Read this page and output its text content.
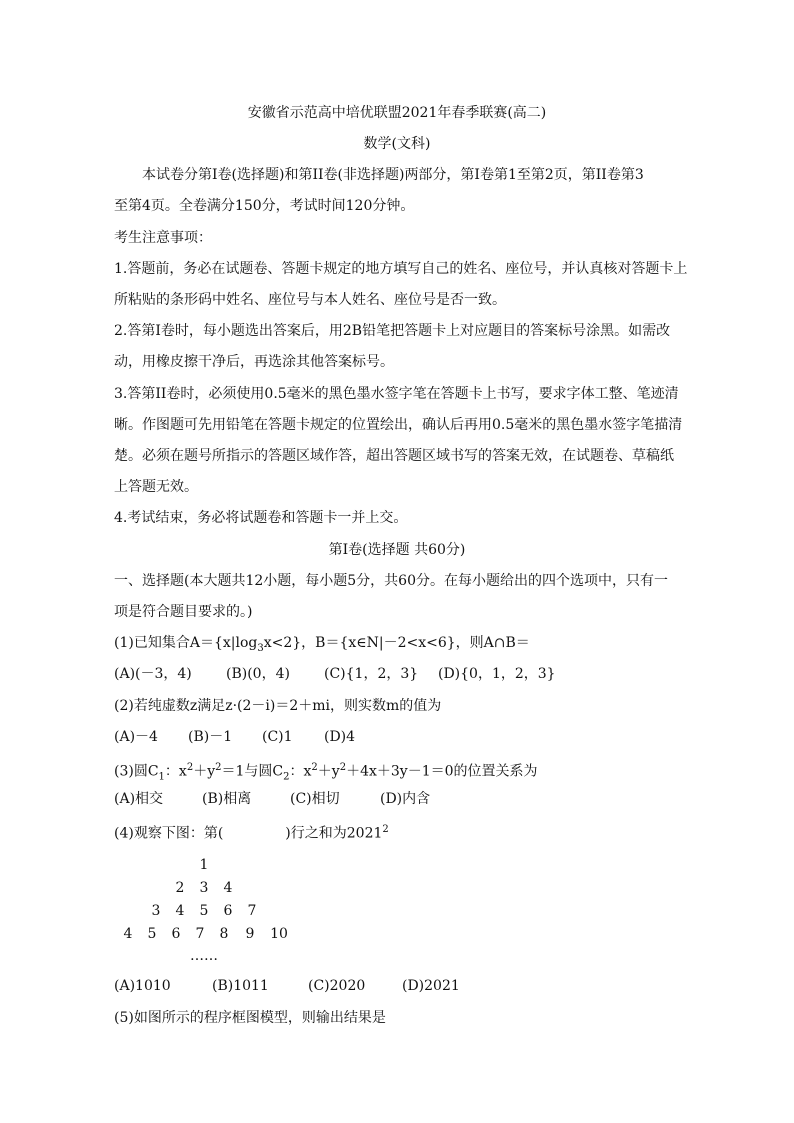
安徽省示范高中培优联盟2021年春季联赛(高二)
数学(文科)
本试卷分第I卷(选择题)和第II卷(非选择题)两部分，第I卷第1至第2页，第II卷第3
至第4页。全卷满分150分，考试时间120分钟。
考生注意事项：
1.答题前，务必在试题卷、答题卡规定的地方填写自己的姓名、座位号，并认真核对答题卡上
所粘贴的条形码中姓名、座位号与本人姓名、座位号是否一致。
2.答第I卷时，每小题选出答案后，用2B铅笔把答题卡上对应题目的答案标号涂黑。如需改
动，用橡皮擦干净后，再选涂其他答案标号。
3.答第II卷时，必须使用0.5毫米的黑色墨水签字笔在答题卡上书写，要求字体工整、笔迹清
晰。作图题可先用铅笔在答题卡规定的位置绘出，确认后再用0.5毫米的黑色墨水签字笔描清
楚。必须在题号所指示的答题区域作答，超出答题区域书写的答案无效，在试题卷、草稿纸
上答题无效。
4.考试结束，务必将试题卷和答题卡一并上交。
第I卷(选择题 共60分)
一、选择题(本大题共12小题，每小题5分，共60分。在每小题给出的四个选项中，只有一
项是符合题目要求的。)
(1)已知集合$A=\{x|\log_3x<2\}$，B＝{x∈N|－2<x<6}，则A∩B＝
(A)(－3，4) (B)(0，4) (C){1，2，3} (D){0，1，2，3}
(2)若纯虚数z满足z·(2－i)＝2＋mi，则实数m的值为
(A)－4 (B)－1 (C)1 (D)4
(3)圆$C_1$：$x^2+y^2=1$与圆$C_2$：$x^2+y^2+4x+3y-1=0$的位置关系为
(A)相交	(B)相离	(C)相切	(D)内含
(4)观察下图：第(	)行之和为2021$^2$
1
2	3	4
3	4	5	6	7
4	5	6	7	8	9	10
……
(A)1010	(B)1011	(C)2020	(D)2021
(5)如图所示的程序框图模型，则输出结果是
